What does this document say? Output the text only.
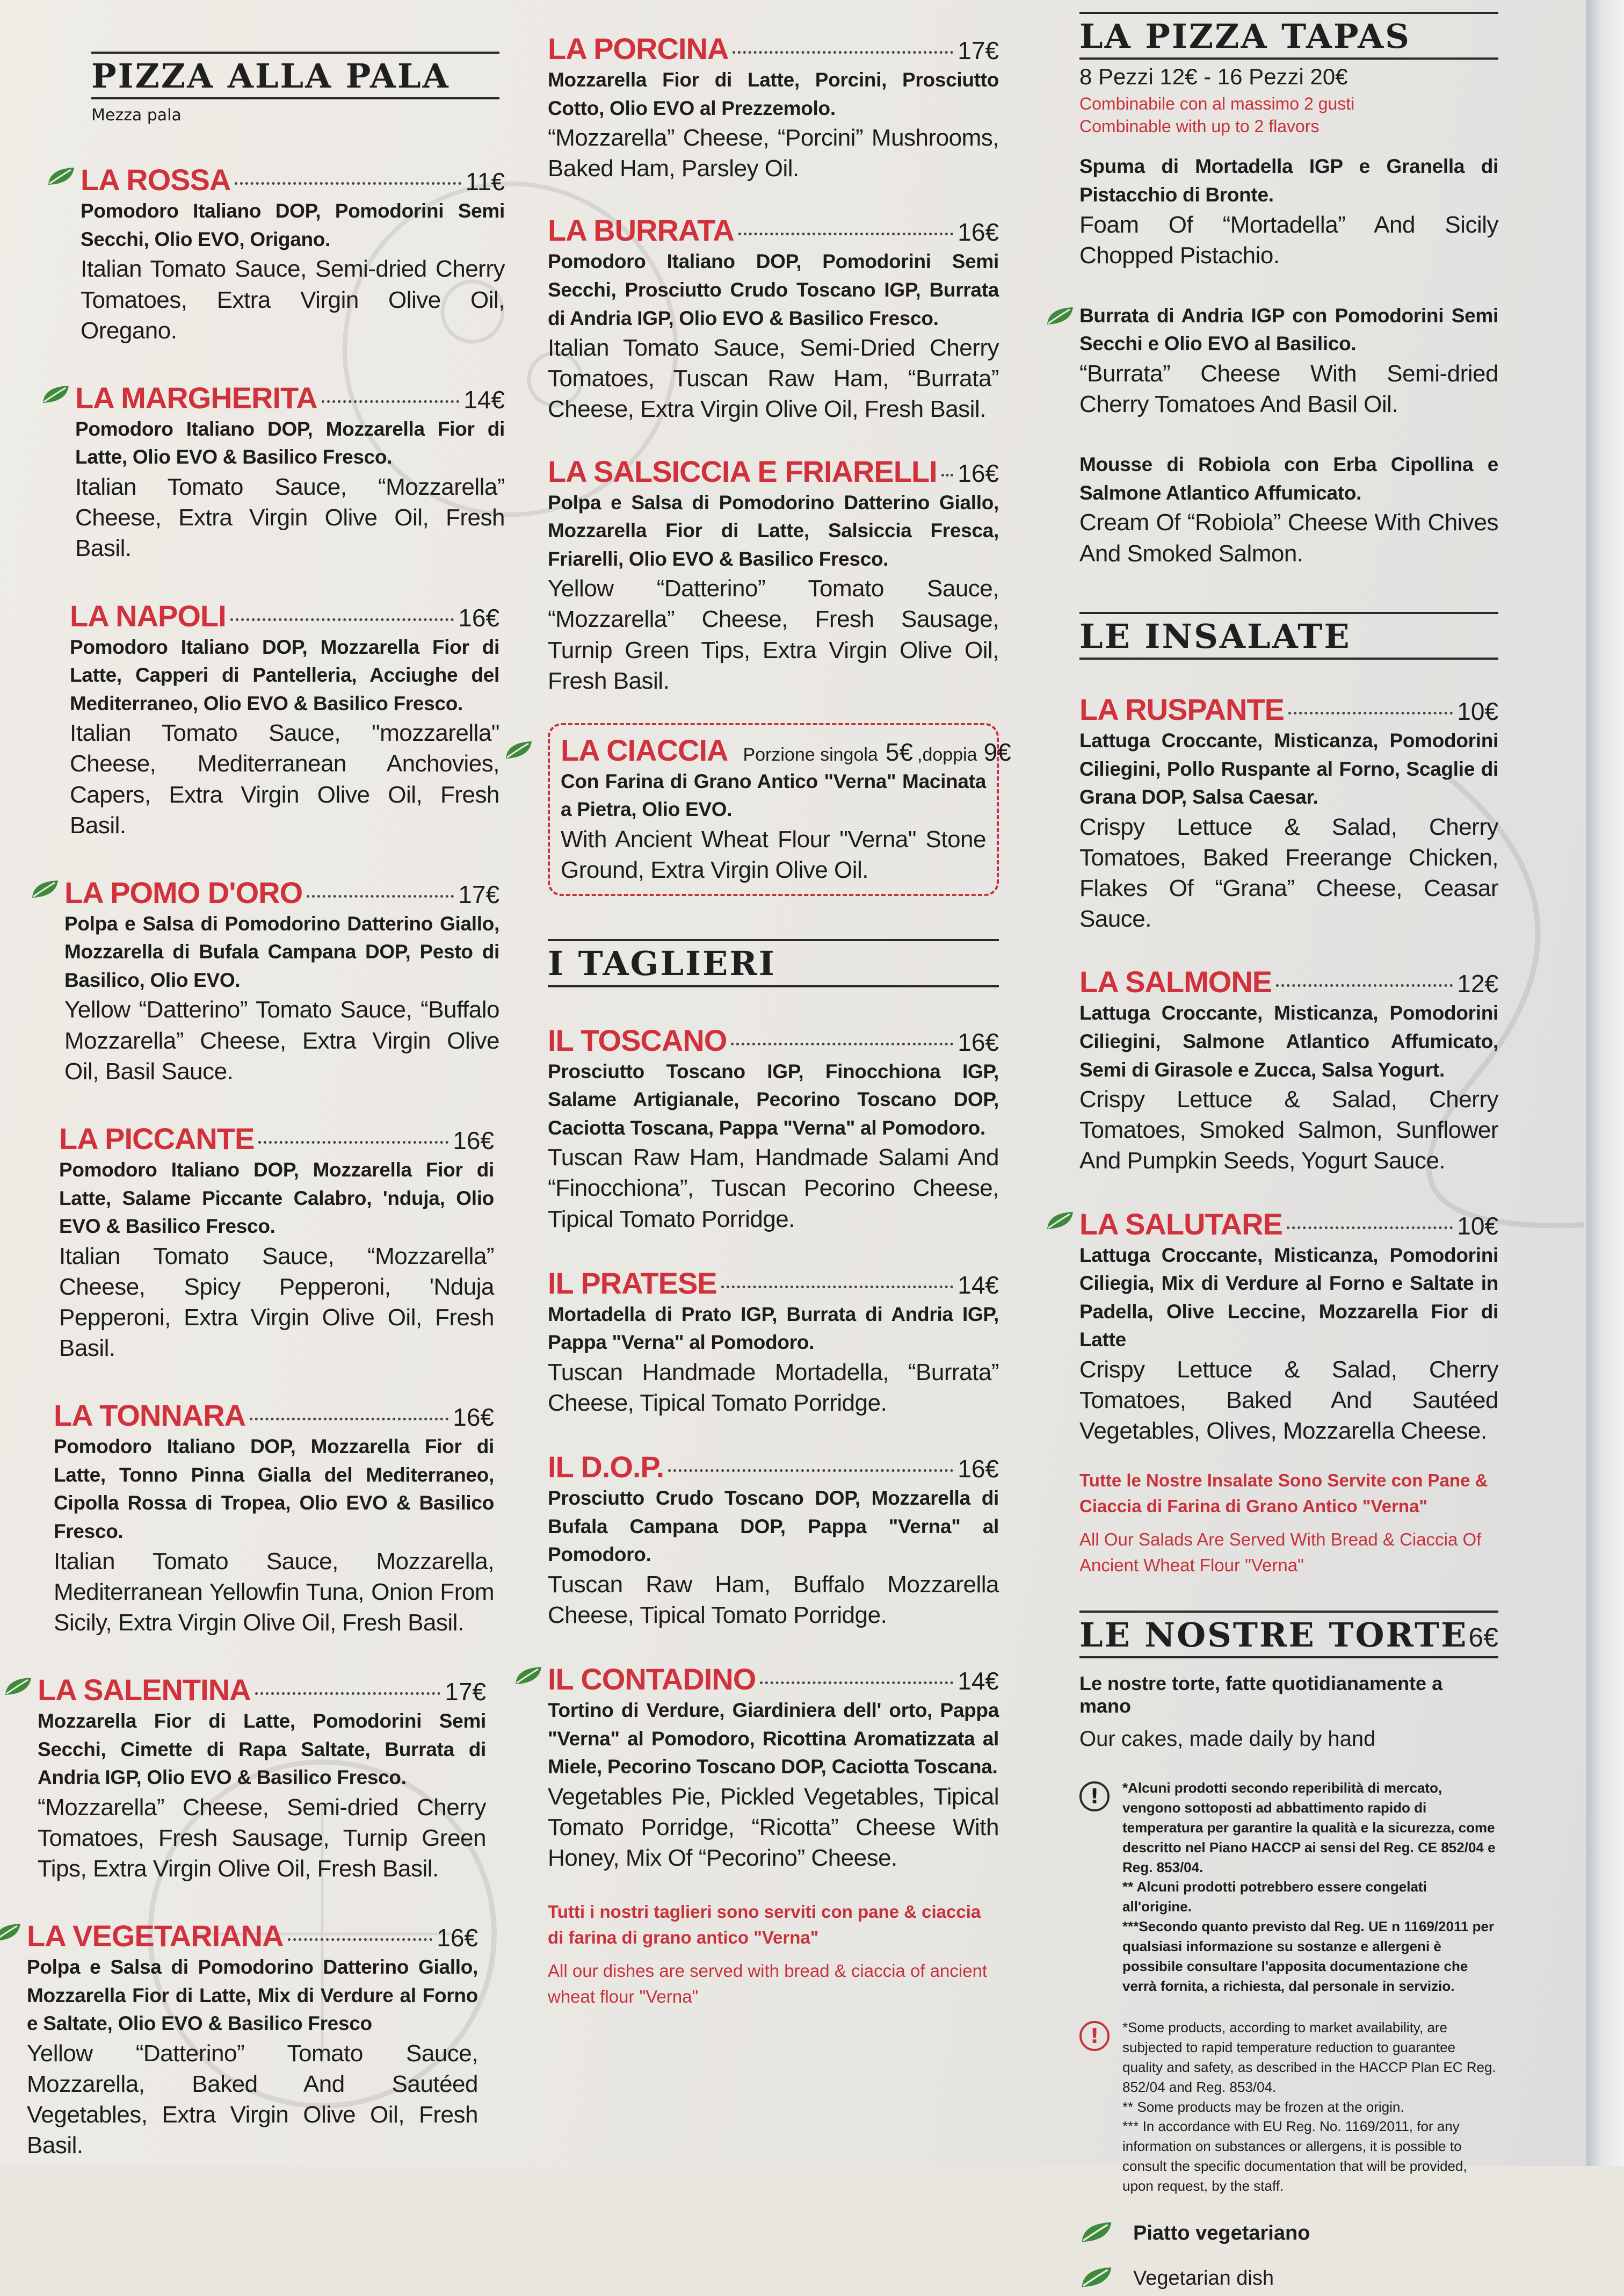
PIZZA ALLA PALA
Mezza pala
LA ROSSA	11€
Pomodoro Italiano DOP, Pomodorini Semi Secchi, Olio EVO, Origano.
Italian Tomato Sauce, Semi-dried Cherry Tomatoes, Extra Virgin Olive Oil, Oregano.
LA MARGHERITA	14€
Pomodoro Italiano DOP, Mozzarella Fior di Latte, Olio EVO & Basilico Fresco.
Italian Tomato Sauce, “Mozzarella” Cheese, Extra Virgin Olive Oil, Fresh Basil.
LA NAPOLI	16€
Pomodoro Italiano DOP, Mozzarella Fior di Latte, Capperi di Pantelleria, Acciughe del Mediterraneo, Olio EVO & Basilico Fresco.
Italian Tomato Sauce, "mozzarella" Cheese, Mediterranean Anchovies, Capers, Extra Virgin Olive Oil, Fresh Basil.
LA POMO D'ORO	17€
Polpa e Salsa di Pomodorino Datterino Giallo, Mozzarella di Bufala Campana DOP, Pesto di Basilico, Olio EVO.
Yellow “Datterino” Tomato Sauce, “Buffalo Mozzarella” Cheese, Extra Virgin Olive Oil, Basil Sauce.
LA PICCANTE	16€
Pomodoro Italiano DOP, Mozzarella Fior di Latte, Salame Piccante Calabro, 'nduja, Olio EVO & Basilico Fresco.
Italian Tomato Sauce, “Mozzarella” Cheese, Spicy Pepperoni, 'Nduja Pepperoni, Extra Virgin Olive Oil, Fresh Basil.
LA TONNARA	16€
Pomodoro Italiano DOP, Mozzarella Fior di Latte, Tonno Pinna Gialla del Mediterraneo, Cipolla Rossa di Tropea, Olio EVO & Basilico Fresco.
Italian Tomato Sauce, Mozzarella, Mediterranean Yellowfin Tuna, Onion From Sicily, Extra Virgin Olive Oil, Fresh Basil.
LA SALENTINA	17€
Mozzarella Fior di Latte, Pomodorini Semi Secchi, Cimette di Rapa Saltate, Burrata di Andria IGP, Olio EVO & Basilico Fresco.
“Mozzarella” Cheese, Semi-dried Cherry Tomatoes, Fresh Sausage, Turnip Green Tips, Extra Virgin Olive Oil, Fresh Basil.
LA VEGETARIANA	16€
Polpa e Salsa di Pomodorino Datterino Giallo, Mozzarella Fior di Latte, Mix di Verdure al Forno e Saltate, Olio EVO & Basilico Fresco
Yellow “Datterino” Tomato Sauce, Mozzarella, Baked And Sautéed Vegetables, Extra Virgin Olive Oil, Fresh Basil.
LA PORCINA	17€
Mozzarella Fior di Latte, Porcini, Prosciutto Cotto, Olio EVO al Prezzemolo.
“Mozzarella” Cheese, “Porcini” Mushrooms, Baked Ham, Parsley Oil.
LA BURRATA	16€
Pomodoro Italiano DOP, Pomodorini Semi Secchi, Prosciutto Crudo Toscano IGP, Burrata di Andria IGP, Olio EVO & Basilico Fresco.
Italian Tomato Sauce, Semi-Dried Cherry Tomatoes, Tuscan Raw Ham, “Burrata” Cheese, Extra Virgin Olive Oil, Fresh Basil.
LA SALSICCIA E FRIARELLI 16€
Polpa e Salsa di Pomodorino Datterino Giallo, Mozzarella Fior di Latte, Salsiccia Fresca, Friarelli, Olio EVO & Basilico Fresco.
Yellow “Datterino” Tomato Sauce, “Mozzarella” Cheese, Fresh Sausage, Turnip Green Tips, Extra Virgin Olive Oil, Fresh Basil.
LA CIACCIA Porzione singola 5€ ,doppia 9€
Con Farina di Grano Antico "Verna" Macinata a Pietra, Olio EVO.
With Ancient Wheat Flour "Verna" Stone Ground, Extra Virgin Olive Oil.
I TAGLIERI
IL TOSCANO	16€
Prosciutto Toscano IGP, Finocchiona IGP, Salame Artigianale, Pecorino Toscano DOP, Caciotta Toscana, Pappa "Verna" al Pomodoro.
Tuscan Raw Ham, Handmade Salami And “Finocchiona”, Tuscan Pecorino Cheese, Tipical Tomato Porridge.
IL PRATESE	14€
Mortadella di Prato IGP, Burrata di Andria IGP, Pappa "Verna" al Pomodoro.
Tuscan Handmade Mortadella, “Burrata” Cheese, Tipical Tomato Porridge.
IL D.O.P.	16€
Prosciutto Crudo Toscano DOP, Mozzarella di Bufala Campana DOP, Pappa "Verna" al Pomodoro.
Tuscan Raw Ham, Buffalo Mozzarella Cheese, Tipical Tomato Porridge.
IL CONTADINO	14€
Tortino di Verdure, Giardiniera dell' orto, Pappa "Verna" al Pomodoro, Ricottina Aromatizzata al Miele, Pecorino Toscano DOP, Caciotta Toscana.
Vegetables Pie, Pickled Vegetables, Tipical Tomato Porridge, “Ricotta” Cheese With Honey, Mix Of “Pecorino” Cheese.
Tutti i nostri taglieri sono serviti con pane & ciaccia di farina di grano antico "Verna"
All our dishes are served with bread & ciaccia of ancient wheat flour "Verna"
LA PIZZA TAPAS
8 Pezzi 12€ - 16 Pezzi 20€
Combinabile con al massimo 2 gusti
Combinable with up to 2 flavors
Spuma di Mortadella IGP e Granella di Pistacchio di Bronte.
Foam Of “Mortadella” And Sicily Chopped Pistachio.
Burrata di Andria IGP con Pomodorini Semi Secchi e Olio EVO al Basilico.
“Burrata” Cheese With Semi-dried Cherry Tomatoes And Basil Oil.
Mousse di Robiola con Erba Cipollina e Salmone Atlantico Affumicato.
Cream Of “Robiola” Cheese With Chives And Smoked Salmon.
LE INSALATE
LA RUSPANTE	10€
Lattuga Croccante, Misticanza, Pomodorini Ciliegini, Pollo Ruspante al Forno, Scaglie di Grana DOP, Salsa Caesar.
Crispy Lettuce & Salad, Cherry Tomatoes, Baked Freerange Chicken, Flakes Of “Grana” Cheese, Ceasar Sauce.
LA SALMONE	12€
Lattuga Croccante, Misticanza, Pomodorini Ciliegini, Salmone Atlantico Affumicato, Semi di Girasole e Zucca, Salsa Yogurt.
Crispy Lettuce & Salad, Cherry Tomatoes, Smoked Salmon, Sunflower And Pumpkin Seeds, Yogurt Sauce.
LA SALUTARE	10€
Lattuga Croccante, Misticanza, Pomodorini Ciliegia, Mix di Verdure al Forno e Saltate in Padella, Olive Leccine, Mozzarella Fior di Latte
Crispy Lettuce & Salad, Cherry Tomatoes, Baked And Sautéed Vegetables, Olives, Mozzarella Cheese.
Tutte le Nostre Insalate Sono Servite con Pane & Ciaccia di Farina di Grano Antico "Verna"
All Our Salads Are Served With Bread & Ciaccia Of Ancient Wheat Flour "Verna"
LE NOSTRE TORTE 6€
Le nostre torte, fatte quotidianamente a mano
Our cakes, made daily by hand
!	*Alcuni prodotti secondo reperibilità di mercato, vengono sottoposti ad abbattimento rapido di temperatura per garantire la qualità e la sicurezza, come descritto nel Piano HACCP ai sensi del Reg. CE 852/04 e Reg. 853/04.

** Alcuni prodotti potrebbero essere congelati all'origine.

***Secondo quanto previsto dal Reg. UE n 1169/2011 per qualsiasi informazione su sostanze e allergeni è possibile consultare l'apposita documentazione che verrà fornita, a richiesta, dal personale in servizio.

!	*Some products, according to market availability, are subjected to rapid temperature reduction to guarantee quality and safety, as described in the HACCP Plan EC Reg. 852/04 and Reg. 853/04.

** Some products may be frozen at the origin.

*** In accordance with EU Reg. No. 1169/2011, for any information on substances or allergens, it is possible to consult the specific documentation that will be provided, upon request, by the staff.

Piatto vegetariano
Vegetarian dish
